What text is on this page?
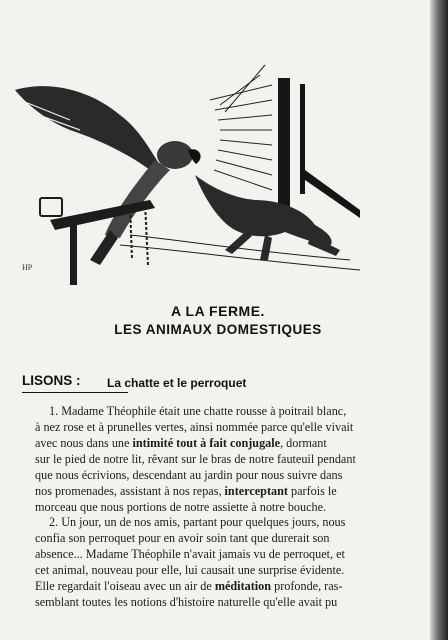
HP
A LA FERME.
LES ANIMAUX DOMESTIQUES
LISONS : La chatte et le perroquet
1. Madame Théophile était une chatte rousse à poitrail blanc,
à nez rose et à prunelles vertes, ainsi nommée parce qu'elle vivait
avec nous dans une intimité tout à fait conjugale, dormant
sur le pied de notre lit, rêvant sur le bras de notre fauteuil pendant
que nous écrivions, descendant au jardin pour nous suivre dans
nos promenades, assistant à nos repas, interceptant parfois le
morceau que nous portions de notre assiette à notre bouche.
2. Un jour, un de nos amis, partant pour quelques jours, nous
confia son perroquet pour en avoir soin tant que durerait son
absence... Madame Théophile n'avait jamais vu de perroquet, et
cet animal, nouveau pour elle, lui causait une surprise évidente.
Elle regardait l'oiseau avec un air de méditation profonde, ras-
semblant toutes les notions d'histoire naturelle qu'elle avait pu
